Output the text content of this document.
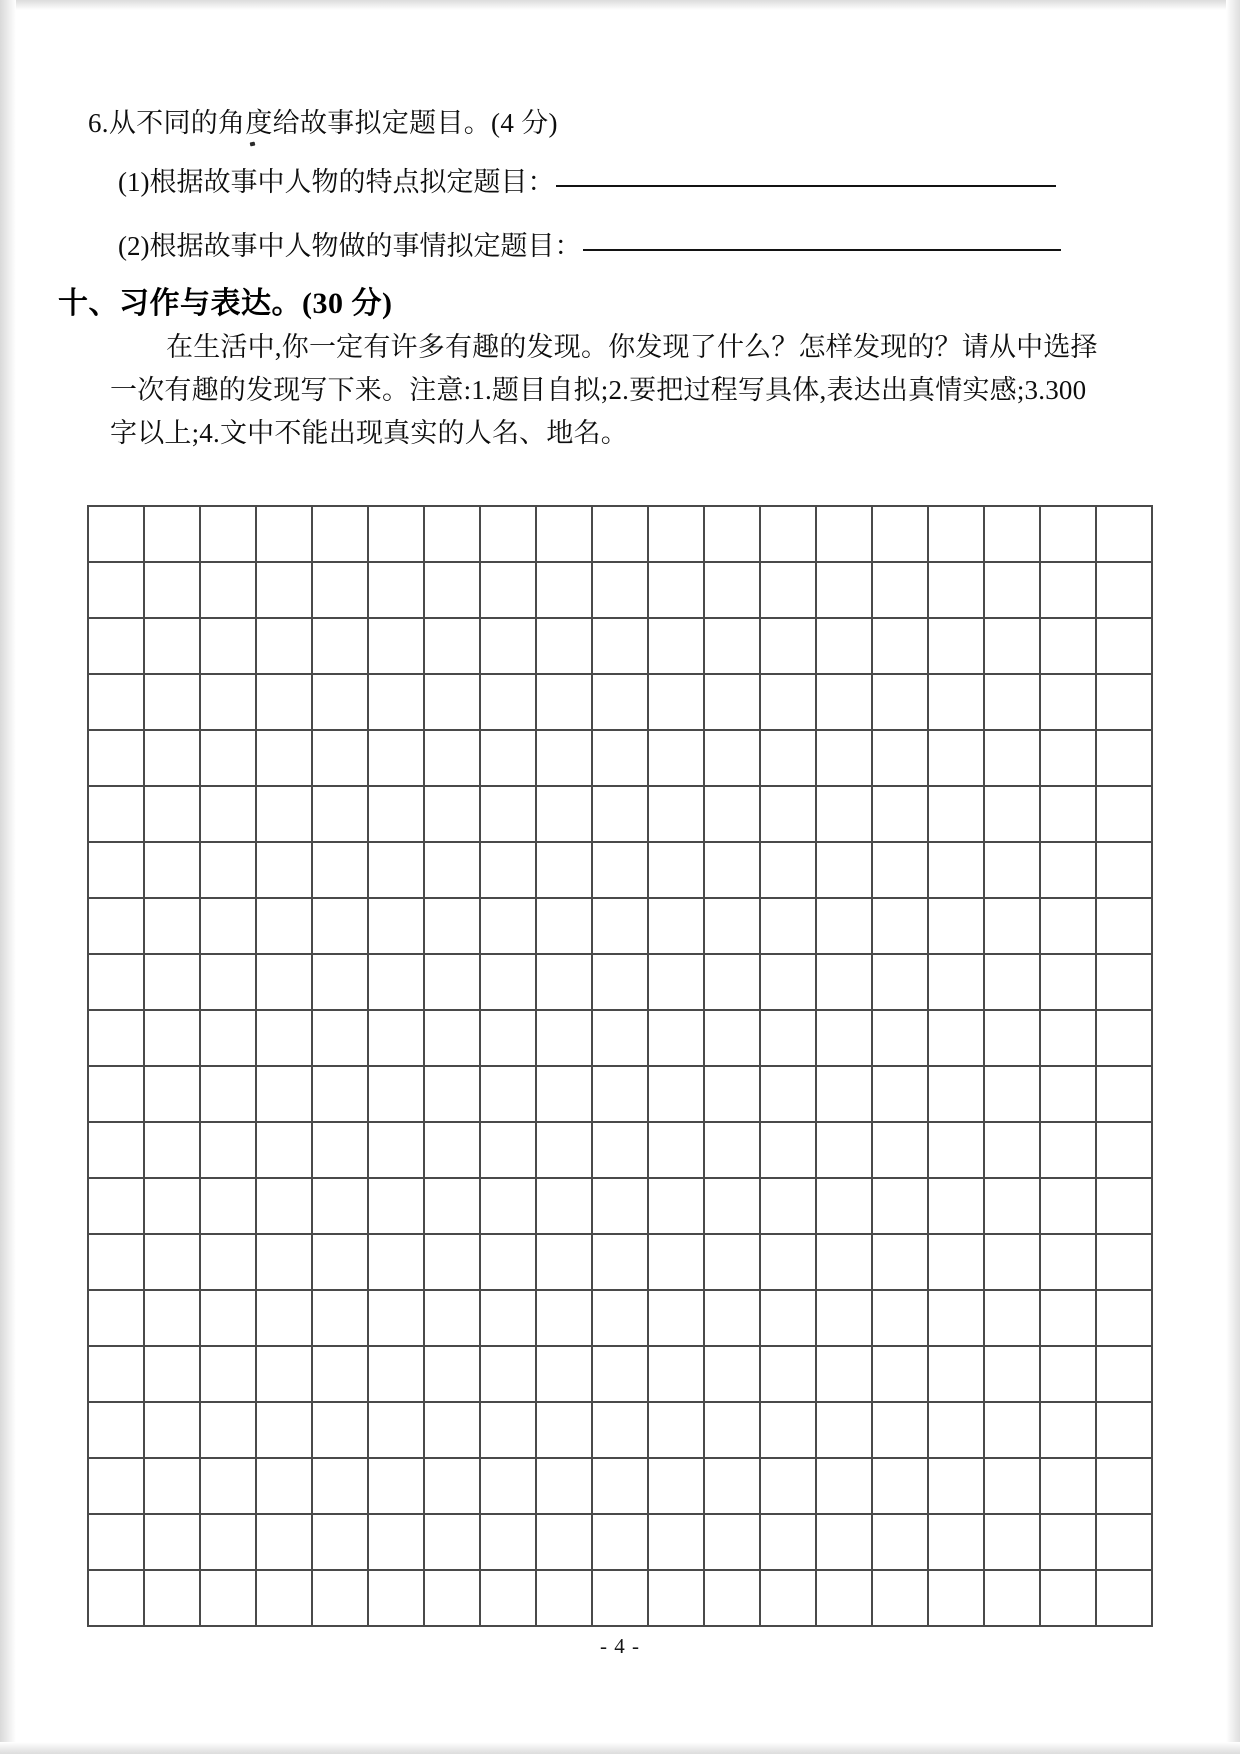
6.从不同的角度给故事拟定题目。(4 分)
(1)根据故事中人物的特点拟定题目：
(2)根据故事中人物做的事情拟定题目：
十、习作与表达。(30 分)
在生活中,你一定有许多有趣的发现。你发现了什么？怎样发现的？请从中选择
一次有趣的发现写下来。注意:1.题目自拟;2.要把过程写具体,表达出真情实感;3.300
字以上;4.文中不能出现真实的人名、地名。
- 4 -
